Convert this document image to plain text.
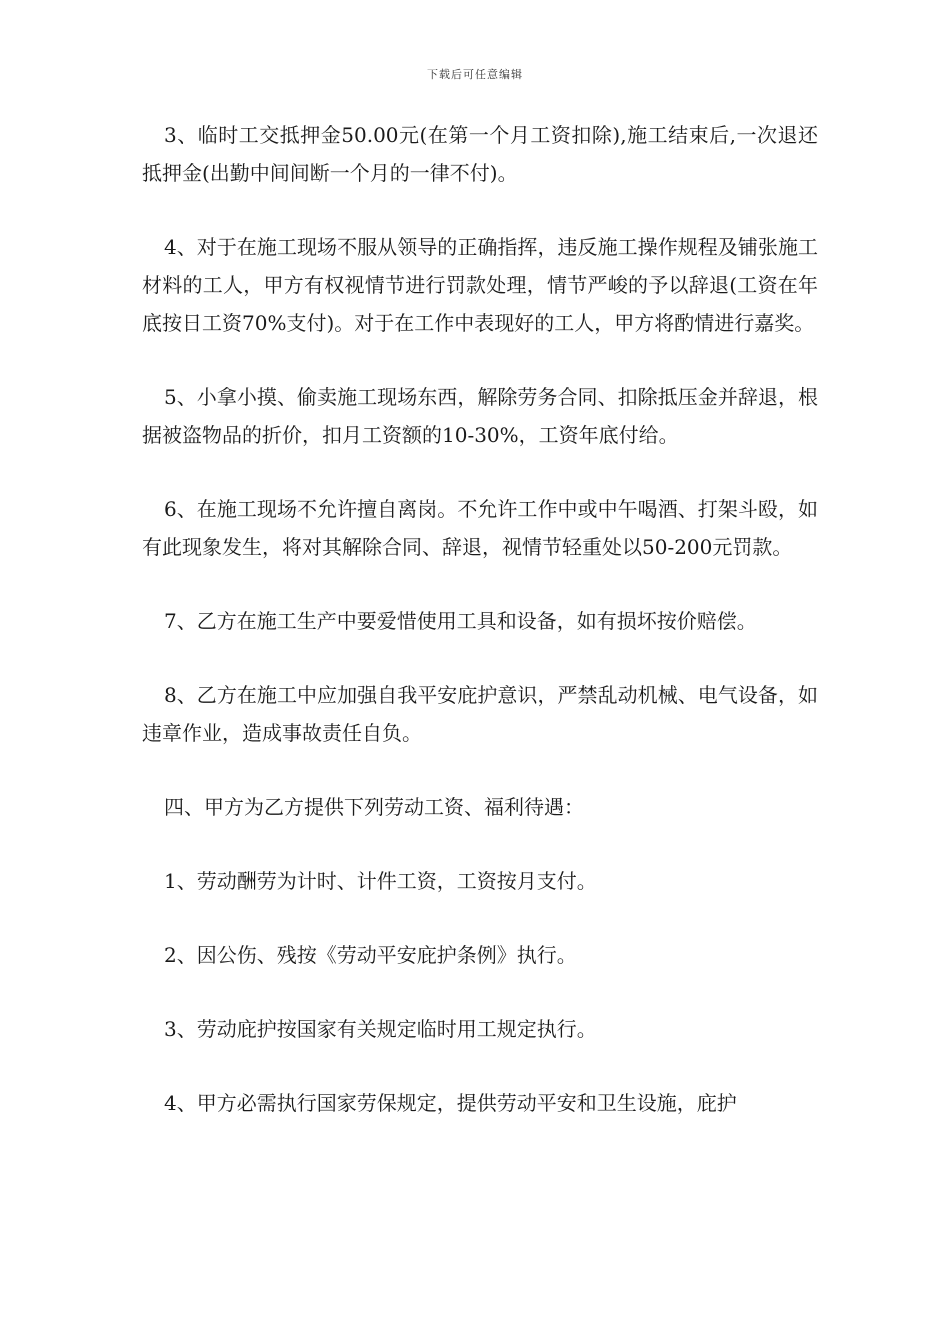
下载后可任意编辑

3、临时工交抵押金50.00元(在第一个月工资扣除),施工结束后,一次退还抵押金(出勤中间间断一个月的一律不付)。

4、对于在施工现场不服从领导的正确指挥，违反施工操作规程及铺张施工材料的工人，甲方有权视情节进行罚款处理，情节严峻的予以辞退(工资在年底按日工资70%支付)。对于在工作中表现好的工人，甲方将酌情进行嘉奖。

5、小拿小摸、偷卖施工现场东西，解除劳务合同、扣除抵压金并辞退，根据被盗物品的折价，扣月工资额的10-30%，工资年底付给。

6、在施工现场不允许擅自离岗。不允许工作中或中午喝酒、打架斗殴，如有此现象发生，将对其解除合同、辞退，视情节轻重处以50-200元罚款。

7、乙方在施工生产中要爱惜使用工具和设备，如有损坏按价赔偿。

8、乙方在施工中应加强自我平安庇护意识，严禁乱动机械、电气设备，如违章作业，造成事故责任自负。

四、甲方为乙方提供下列劳动工资、福利待遇：

1、劳动酬劳为计时、计件工资，工资按月支付。

2、因公伤、残按《劳动平安庇护条例》执行。

3、劳动庇护按国家有关规定临时用工规定执行。

4、甲方必需执行国家劳保规定，提供劳动平安和卫生设施，庇护
